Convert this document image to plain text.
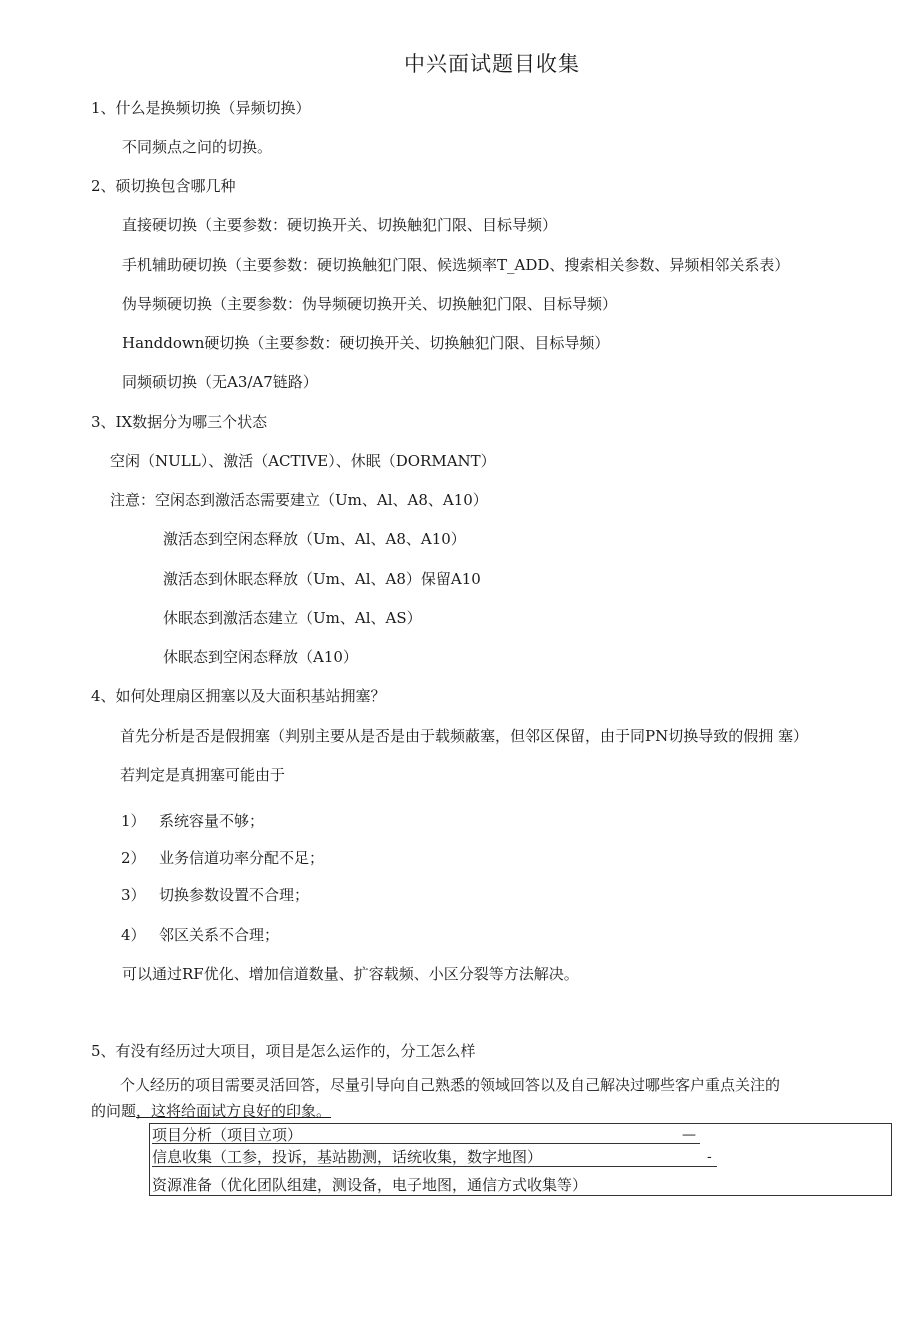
中兴面试题目收集
1、什么是换频切换（异频切换）
不同频点之问的切换。
2、硕切换包含哪几种
直接硬切换（主要参数：硬切换开关、切换触犯门限、目标导频）
手机辅助硬切换（主要参数：硬切换触犯门限、候选频率T_ADD、搜索相关参数、异频相邻关系表）
伪导频硬切换（主要参数：伪导频硬切换开关、切换触犯门限、目标导频）
Handdown硬切换（主要参数：硬切换开关、切换触犯门限、目标导频）
同频硕切换（无A3/A7链路）
3、IX数据分为哪三个状态
空闲（NULL）、激活（ACTIVE）、休眠（DORMANT）
注意：空闲态到激活态需要建立（Um、Al、A8、A10）
激活态到空闲态释放（Um、Al、A8、A10）
激活态到休眠态释放（Um、Al、A8）保留A10
休眠态到激活态建立（Um、Al、AS）
休眠态到空闲态释放（A10）
4、如何处理扇区拥塞以及大面积基站拥塞？
首先分析是否是假拥塞（判别主要从是否是由于载频蔽塞，但邻区保留，由于同PN切换导致的假拥 塞）
若判定是真拥塞可能由于
1） 系统容量不够；
2） 业务信道功率分配不足；
3） 切换参数设置不合理；
4） 邻区关系不合理；
可以通过RF优化、增加信道数量、扩容载频、小区分裂等方法解决。
5、有没有经历过大项目，项目是怎么运作的，分工怎么样
个人经历的项目需要灵活回答，尽量引导向自己熟悉的领域回答以及自己解决过哪些客户重点关注的
的问题，这将给面试方良好的印象。
项目分析（项目立项）	—
信息收集（工参，投诉，基站勘测，话统收集，数字地图）	-
资源准备（优化团队组建，测设备，电子地图，通信方式收集等）
